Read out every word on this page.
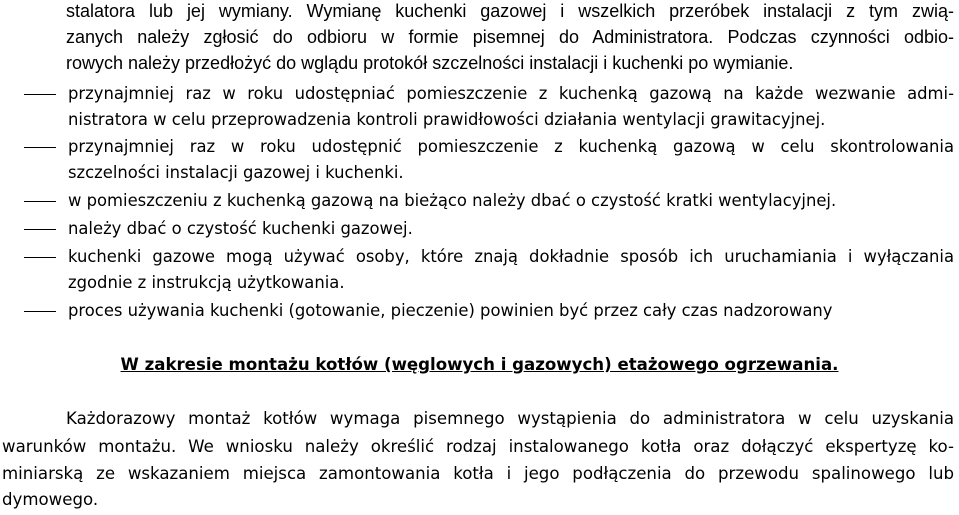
stalatora lub jej wymiany. Wymianę kuchenki gazowej i wszelkich przeróbek instalacji z tym zwią-
zanych należy zgłosić do odbioru w formie pisemnej do Administratora. Podczas czynności odbio-
rowych należy przedłożyć do wglądu protokół szczelności instalacji i kuchenki po wymianie.
przynajmniej raz w roku udostępniać pomieszczenie z kuchenką gazową na każde wezwanie admi-
nistratora w celu przeprowadzenia kontroli prawidłowości działania wentylacji grawitacyjnej.
przynajmniej raz w roku udostępnić pomieszczenie z kuchenką gazową w celu skontrolowania
szczelności instalacji gazowej i kuchenki.
w pomieszczeniu z kuchenką gazową na bieżąco należy dbać o czystość kratki wentylacyjnej.
należy dbać o czystość kuchenki gazowej.
kuchenki gazowe mogą używać osoby, które znają dokładnie sposób ich uruchamiania i wyłączania
zgodnie z instrukcją użytkowania.
proces używania kuchenki (gotowanie, pieczenie) powinien być przez cały czas nadzorowany
W zakresie montażu kotłów (węglowych i gazowych) etażowego ogrzewania.
Każdorazowy montaż kotłów wymaga pisemnego wystąpienia do administratora w celu uzyskania
warunków montażu. We wniosku należy określić rodzaj instalowanego kotła oraz dołączyć ekspertyzę ko-
miniarską ze wskazaniem miejsca zamontowania kotła i jego podłączenia do przewodu spalinowego lub
dymowego.
